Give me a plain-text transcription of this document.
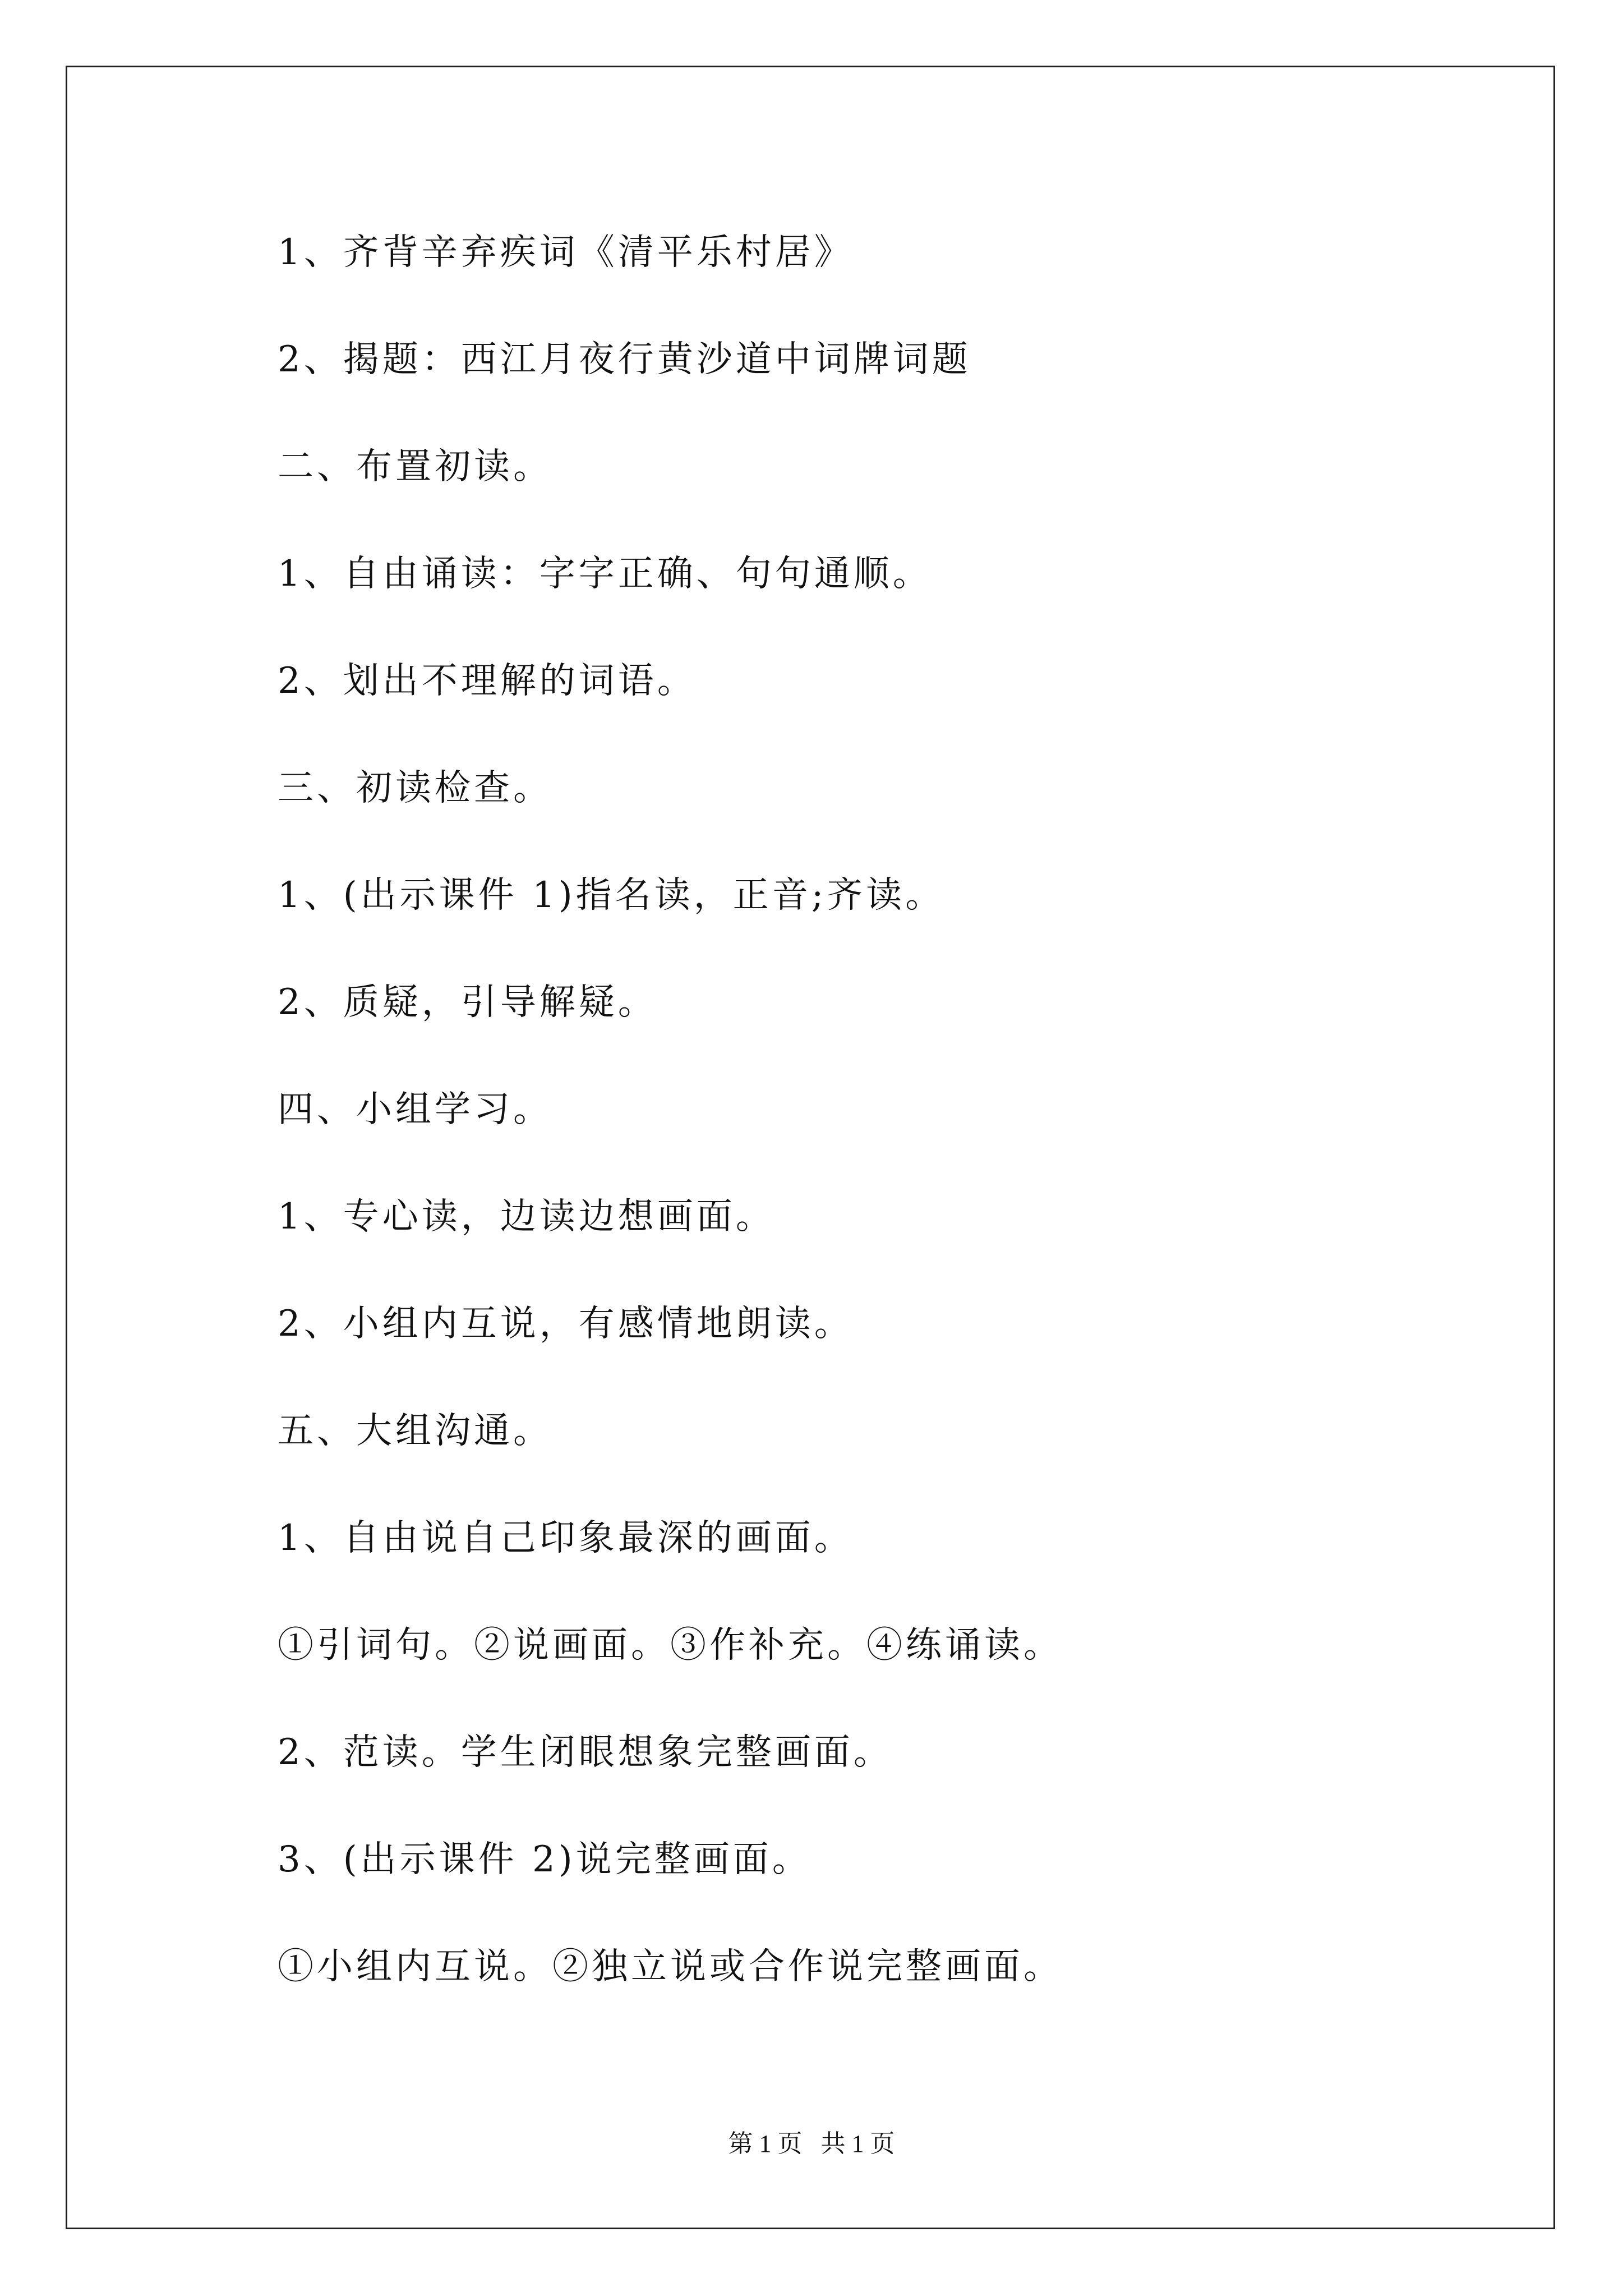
1、齐背辛弃疾词《清平乐村居》
2、揭题：西江月夜行黄沙道中词牌词题
二、布置初读。
1、自由诵读：字字正确、句句通顺。
2、划出不理解的词语。
三、初读检查。
1、(出示课件 1)指名读，正音;齐读。
2、质疑，引导解疑。
四、小组学习。
1、专心读，边读边想画面。
2、小组内互说，有感情地朗读。
五、大组沟通。
1、自由说自己印象最深的画面。
①引词句。②说画面。③作补充。④练诵读。
2、范读。学生闭眼想象完整画面。
3、(出示课件 2)说完整画面。
①小组内互说。②独立说或合作说完整画面。
第 1 页   共 1 页
